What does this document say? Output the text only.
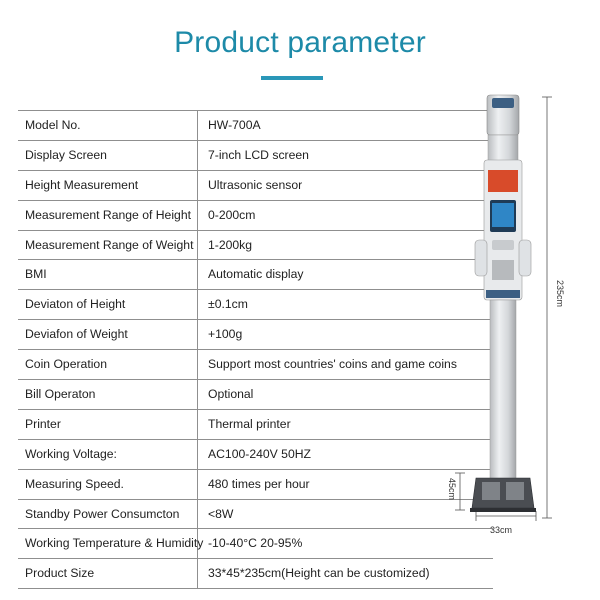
Product parameter
Model No.	HW-700A
Display Screen	7-inch LCD screen
Height Measurement	Ultrasonic sensor
Measurement Range of Height	0-200cm
Measurement Range of Weight	1-200kg
BMI	Automatic display
Deviaton of Height	±0.1cm
Deviafon of Weight	+100g
Coin Operation	Support most countries' coins and game coins
Bill Operaton	Optional
Printer	Thermal printer
Working Voltage:	AC100-240V 50HZ
Measuring Speed.	480 times per hour
Standby Power Consumcton	<8W
Working Temperature & Humidity -10-40°C 20-95%
Product Size	33*45*235cm(Height can be customized)
235cm
45cm
33cm
